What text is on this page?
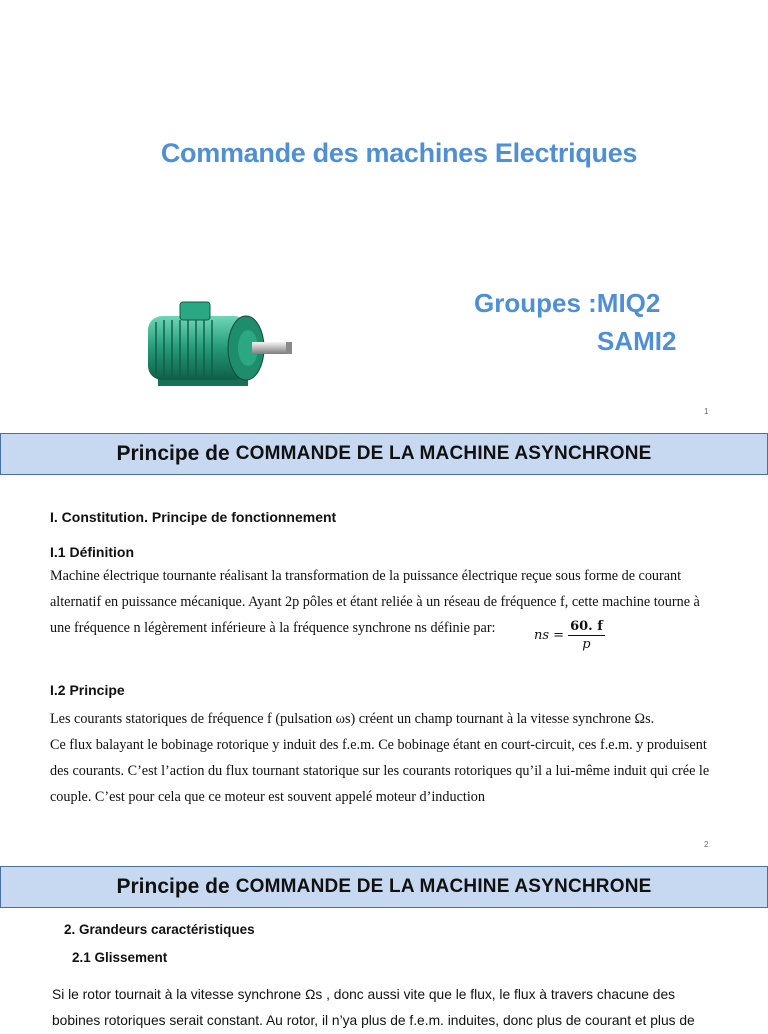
Commande des machines Electriques
Groupes :MIQ2
SAMI2
1
Principe de COMMANDE DE LA MACHINE ASYNCHRONE
I. Constitution. Principe de fonctionnement
I.1 Définition
Machine électrique tournante réalisant la transformation de la puissance électrique reçue sous forme de courant
alternatif en puissance mécanique. Ayant 2p pôles et étant reliée à un réseau de fréquence f, cette machine tourne à
une fréquence n légèrement inférieure à la fréquence synchrone ns définie par:	ns = $\frac{60. f}{p}$
I.2 Principe
Les courants statoriques de fréquence f (pulsation ωs) créent un champ tournant à la vitesse synchrone Ωs.
Ce flux balayant le bobinage rotorique y induit des f.e.m. Ce bobinage étant en court-circuit, ces f.e.m. y produisent
des courants. C’est l’action du flux tournant statorique sur les courants rotoriques qu’il a lui-même induit qui crée le
couple. C’est pour cela que ce moteur est souvent appelé moteur d’induction
2
Principe de COMMANDE DE LA MACHINE ASYNCHRONE
2. Grandeurs caractéristiques
2.1 Glissement
Si le rotor tournait à la vitesse synchrone Ωs , donc aussi vite que le flux, le flux à travers chacune des
bobines rotoriques serait constant. Au rotor, il n’ya plus de f.e.m. induites, donc plus de courant et plus de
